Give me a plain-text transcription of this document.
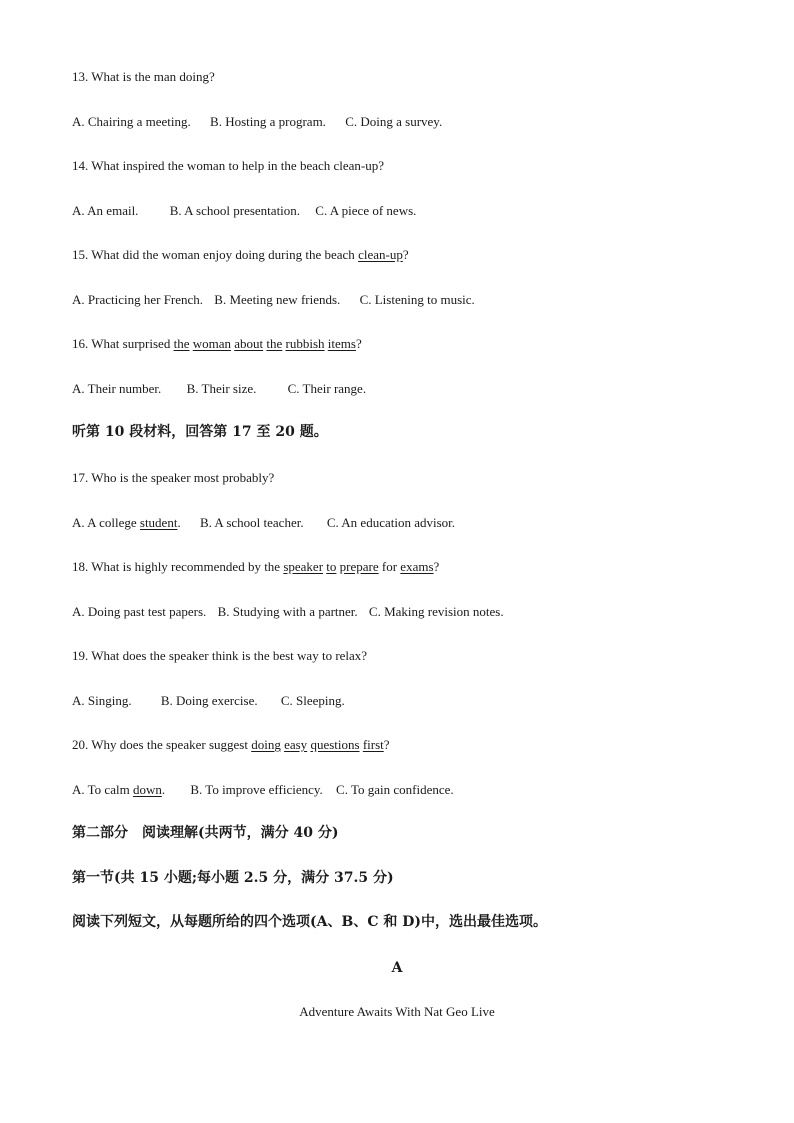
13. What is the man doing?
A. Chairing a meeting. B. Hosting a program. C. Doing a survey.
14. What inspired the woman to help in the beach clean-up?
A. An email. B. A school presentation. C. A piece of news.
15. What did the woman enjoy doing during the beach clean-up?
A. Practicing her French. B. Meeting new friends. C. Listening to music.
16. What surprised the woman about the rubbish items?
A. Their number. B. Their size. C. Their range.
听第 10 段材料，回答第 17 至 20 题。
17. Who is the speaker most probably?
A. A college student. B. A school teacher. C. An education advisor.
18. What is highly recommended by the speaker to prepare for exams?
A. Doing past test papers. B. Studying with a partner. C. Making revision notes.
19. What does the speaker think is the best way to relax?
A. Singing. B. Doing exercise. C. Sleeping.
20. Why does the speaker suggest doing easy questions first?
A. To calm down. B. To improve efficiency. C. To gain confidence.
第二部分　阅读理解(共两节，满分 40 分)
第一节(共 15 小题;每小题 2.5 分，满分 37.5 分)
阅读下列短文，从每题所给的四个选项(A、B、C 和 D)中，选出最佳选项。
A
Adventure Awaits With Nat Geo Live
